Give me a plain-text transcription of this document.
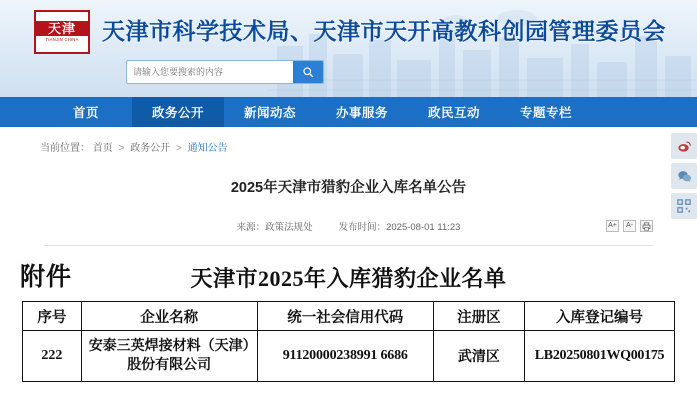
天津
TIANJIN CHINA 天津市科学技术局、天津市天开高教科创园管理委员会
请输入您要搜索的内容
首页	政务公开	新闻动态	办事服务	政民互动	专题专栏
当前位置： 首页 > 政务公开 > 通知公告
2025年天津市猎豹企业入库名单公告
来源：政策法规处	发布时间：2025-08-01 11:23	A+	A-
附件	天津市2025年入库猎豹企业名单
序号	企业名称	统一社会信用代码	注册区	入库登记编号
222	安泰三英焊接材料（天津）股份有限公司	91120000238991 6686	武清区	LB20250801WQ00175
